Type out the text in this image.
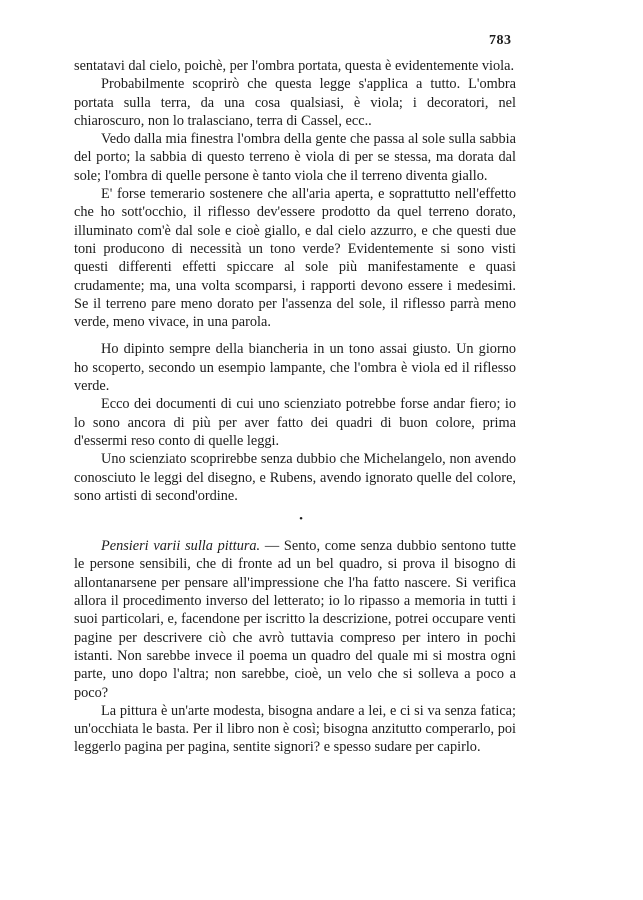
783

sentatavi dal cielo, poichè, per l'ombra portata, questa è evidentemente viola.

Probabilmente scoprirò che questa legge s'applica a tutto. L'ombra portata sulla terra, da una cosa qualsiasi, è viola; i decoratori, nel chiaroscuro, non lo tralasciano, terra di Cassel, ecc..

Vedo dalla mia finestra l'ombra della gente che passa al sole sulla sabbia del porto; la sabbia di questo terreno è viola di per se stessa, ma dorata dal sole; l'ombra di quelle persone è tanto viola che il terreno diventa giallo.

E' forse temerario sostenere che all'aria aperta, e soprattutto nell'effetto che ho sott'occhio, il riflesso dev'essere prodotto da quel terreno dorato, illuminato com'è dal sole e cioè giallo, e dal cielo azzurro, e che questi due toni producono di necessità un tono verde? Evidentemente si sono visti questi differenti effetti spiccare al sole più manifestamente e quasi crudamente; ma, una volta scomparsi, i rapporti devono essere i medesimi. Se il terreno pare meno dorato per l'assenza del sole, il riflesso parrà meno verde, meno vivace, in una parola.

Ho dipinto sempre della biancheria in un tono assai giusto. Un giorno ho scoperto, secondo un esempio lampante, che l'ombra è viola ed il riflesso verde.

Ecco dei documenti di cui uno scienziato potrebbe forse andar fiero; io lo sono ancora di più per aver fatto dei quadri di buon colore, prima d'essermi reso conto di quelle leggi.

Uno scienziato scoprirebbe senza dubbio che Michelangelo, non avendo conosciuto le leggi del disegno, e Rubens, avendo ignorato quelle del colore, sono artisti di second'ordine.

•

Pensieri varii sulla pittura. — Sento, come senza dubbio sentono tutte le persone sensibili, che di fronte ad un bel quadro, si prova il bisogno di allontanarsene per pensare all'impressione che l'ha fatto nascere. Si verifica allora il procedimento inverso del letterato; io lo ripasso a memoria in tutti i suoi particolari, e, facendone per iscritto la descrizione, potrei occupare venti pagine per descrivere ciò che avrò tuttavia compreso per intero in pochi istanti. Non sarebbe invece il poema un quadro del quale mi si mostra ogni parte, uno dopo l'altra; non sarebbe, cioè, un velo che si solleva a poco a poco?

La pittura è un'arte modesta, bisogna andare a lei, e ci si va senza fatica; un'occhiata le basta. Per il libro non è così; bisogna anzitutto comperarlo, poi leggerlo pagina per pagina, sentite signori? e spesso sudare per capirlo.
